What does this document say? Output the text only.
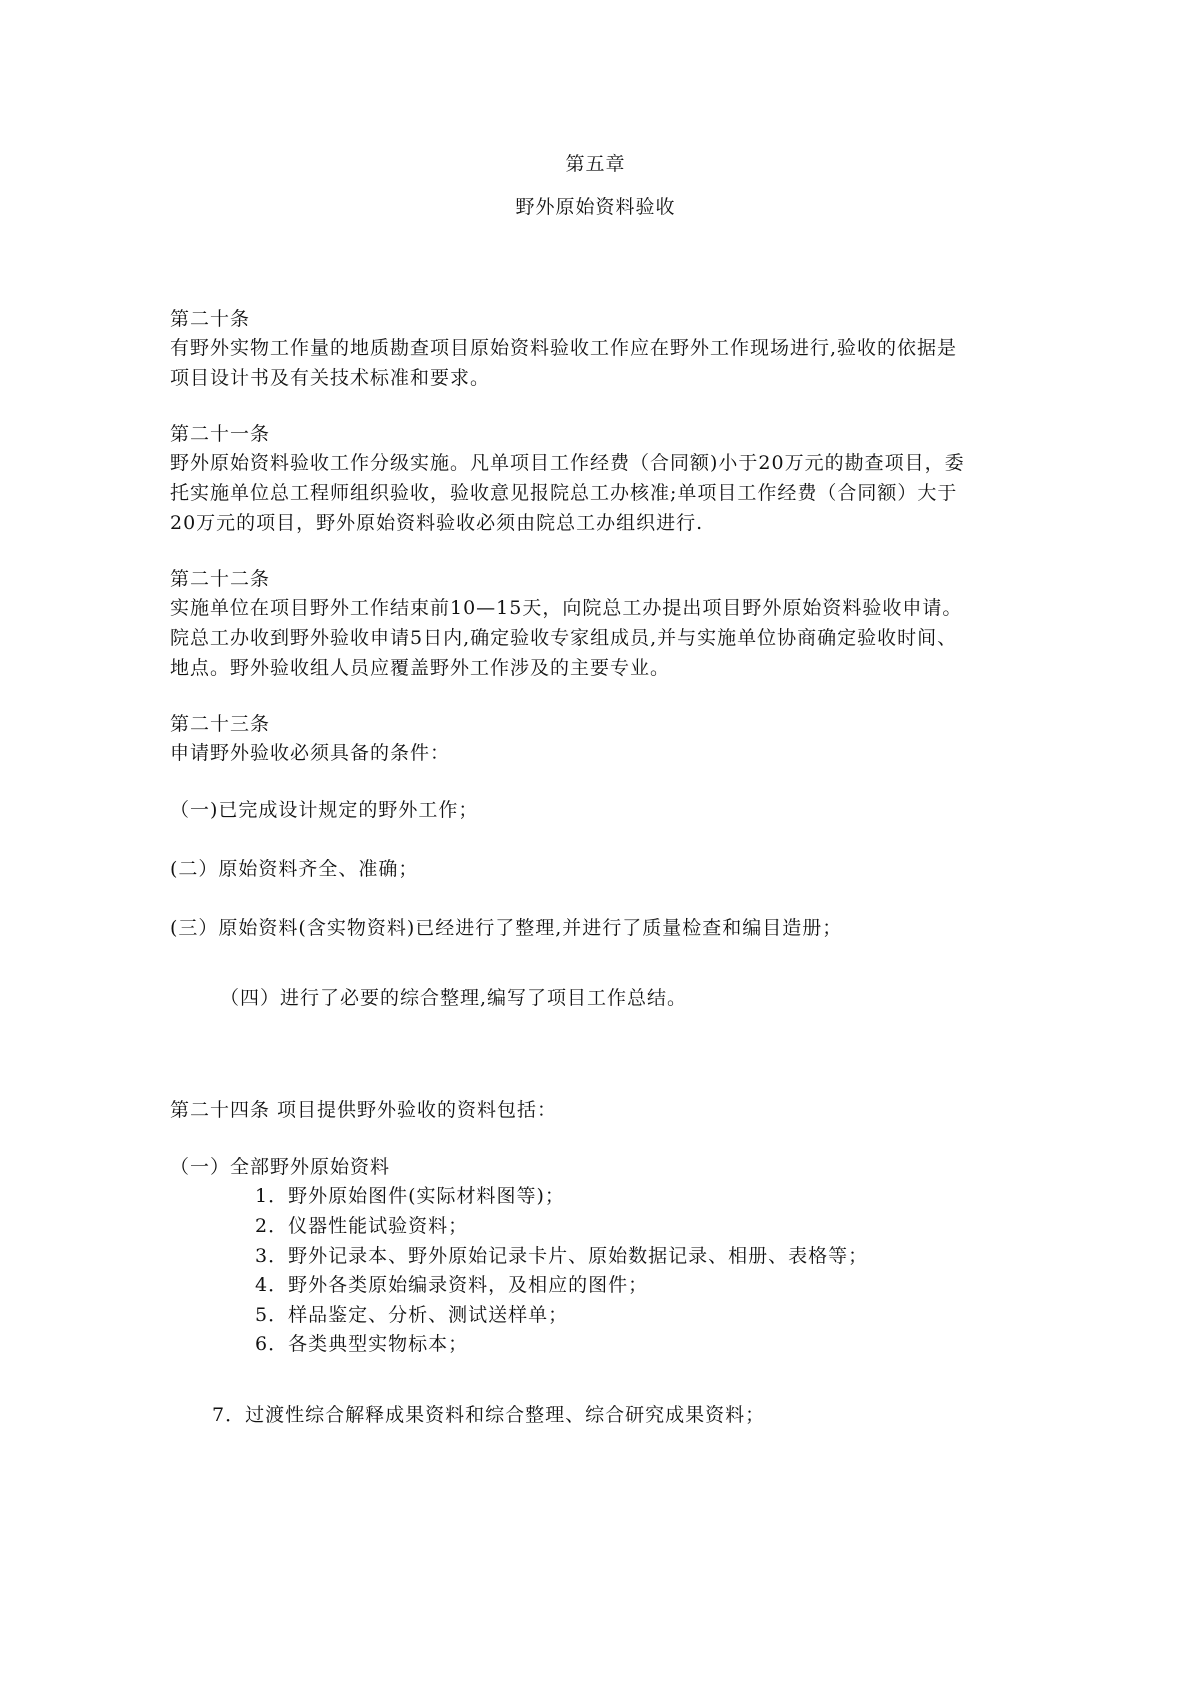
第五章
野外原始资料验收
第二十条
有野外实物工作量的地质勘查项目原始资料验收工作应在野外工作现场进行,验收的依据是
项目设计书及有关技术标准和要求。
第二十一条
野外原始资料验收工作分级实施。凡单项目工作经费（合同额)小于20万元的勘查项目，委
托实施单位总工程师组织验收，验收意见报院总工办核准;单项目工作经费（合同额）大于
20万元的项目，野外原始资料验收必须由院总工办组织进行.
第二十二条
实施单位在项目野外工作结束前10—15天，向院总工办提出项目野外原始资料验收申请。
院总工办收到野外验收申请5日内,确定验收专家组成员,并与实施单位协商确定验收时间、
地点。野外验收组人员应覆盖野外工作涉及的主要专业。
第二十三条
申请野外验收必须具备的条件：
（一)已完成设计规定的野外工作；
(二）原始资料齐全、准确；
(三）原始资料(含实物资料)已经进行了整理,并进行了质量检查和编目造册；
（四）进行了必要的综合整理,编写了项目工作总结。
第二十四条 项目提供野外验收的资料包括：
（一）全部野外原始资料
1．野外原始图件(实际材料图等)；
2．仪器性能试验资料；
3．野外记录本、野外原始记录卡片、原始数据记录、相册、表格等；
4．野外各类原始编录资料，及相应的图件；
5．样品鉴定、分析、测试送样单；
6．各类典型实物标本；
7．过渡性综合解释成果资料和综合整理、综合研究成果资料；
